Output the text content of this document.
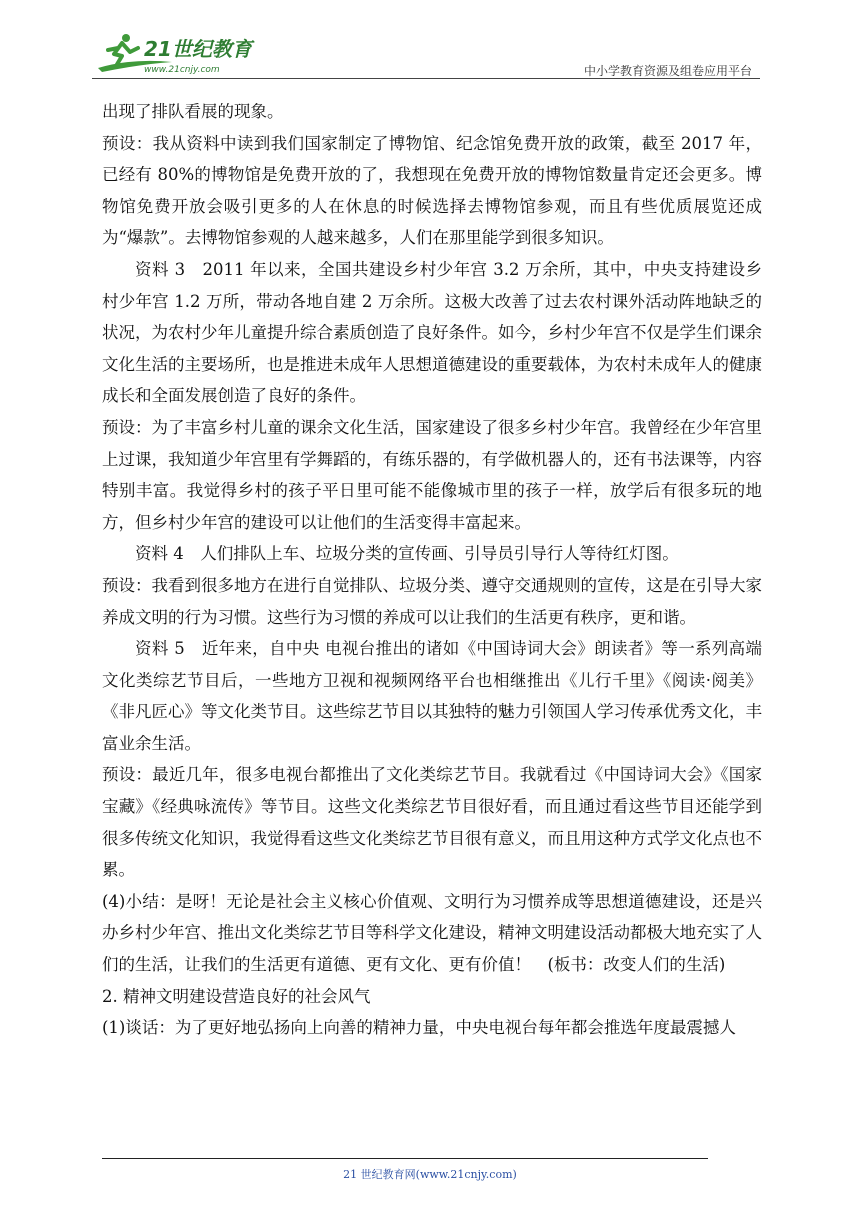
21世纪教育
www.21cnjy.com	中小学教育资源及组卷应用平台

出现了排队看展的现象。

预设：我从资料中读到我们国家制定了博物馆、纪念馆免费开放的政策，截至 2017 年，已经有 80%的博物馆是免费开放的了，我想现在免费开放的博物馆数量肯定还会更多。博物馆免费开放会吸引更多的人在休息的时候选择去博物馆参观，而且有些优质展览还成为“爆款”。去博物馆参观的人越来越多，人们在那里能学到很多知识。

资料 3　2011 年以来，全国共建设乡村少年宫 3.2 万余所，其中，中央支持建设乡村少年宫 1.2 万所，带动各地自建 2 万余所。这极大改善了过去农村课外活动阵地缺乏的状况，为农村少年儿童提升综合素质创造了良好条件。如今，乡村少年宫不仅是学生们课余文化生活的主要场所，也是推进未成年人思想道德建设的重要载体，为农村未成年人的健康成长和全面发展创造了良好的条件。

预设：为了丰富乡村儿童的课余文化生活，国家建设了很多乡村少年宫。我曾经在少年宫里上过课，我知道少年宫里有学舞蹈的，有练乐器的，有学做机器人的，还有书法课等，内容特别丰富。我觉得乡村的孩子平日里可能不能像城市里的孩子一样，放学后有很多玩的地方，但乡村少年宫的建设可以让他们的生活变得丰富起来。

资料 4　人们排队上车、垃圾分类的宣传画、引导员引导行人等待红灯图。

预设：我看到很多地方在进行自觉排队、垃圾分类、遵守交通规则的宣传，这是在引导大家养成文明的行为习惯。这些行为习惯的养成可以让我们的生活更有秩序，更和谐。

资料 5　近年来，自中央 电视台推出的诸如《中国诗词大会》朗读者》等一系列高端文化类综艺节目后，一些地方卫视和视频网络平台也相继推出《儿行千里》《阅读·阅美》《非凡匠心》等文化类节目。这些综艺节目以其独特的魅力引领国人学习传承优秀文化，丰富业余生活。

预设：最近几年，很多电视台都推出了文化类综艺节目。我就看过《中国诗词大会》《国家宝藏》《经典咏流传》等节目。这些文化类综艺节目很好看，而且通过看这些节目还能学到很多传统文化知识，我觉得看这些文化类综艺节目很有意义，而且用这种方式学文化点也不累。

(4)小结：是呀！无论是社会主义核心价值观、文明行为习惯养成等思想道德建设，还是兴办乡村少年宫、推出文化类综艺节目等科学文化建设，精神文明建设活动都极大地充实了人们的生活，让我们的生活更有道德、更有文化、更有价值！　(板书：改变人们的生活)

2. 精神文明建设营造良好的社会风气

(1)谈话：为了更好地弘扬向上向善的精神力量，中央电视台每年都会推选年度最震撼人

21 世纪教育网(www.21cnjy.com)
